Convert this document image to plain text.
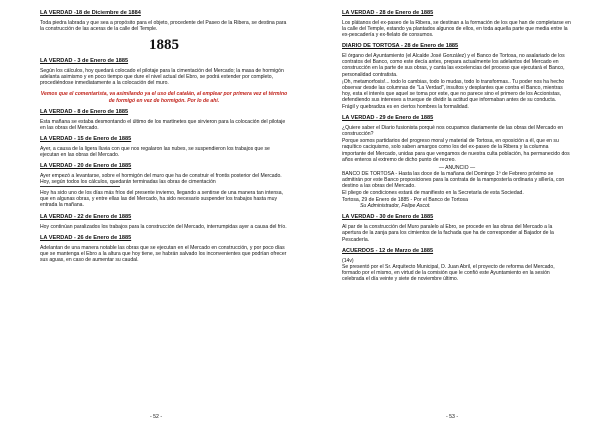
LA VERDAD -18 de Diciembre de 1884
Toda piedra labrada y que sea a propósito para el objeto, procedente del Paseo de la Ribera, se destina para la construcción de las aceras de la calle del Temple.
1885
LA VERDAD - 3 de Enero de 1885
Según los cálculos, hoy quedará colocado el pilotaje para la cimentación del Mercado; la masa de hormigón adelanta asimismo y en poco tiempo que dure el nivel actual del Ebro, se podrá extender por completo, procediéndose inmediatamente a la colocación del muro.
Vemos que el comentarista, va asimilando ya el uso del catalán, al emplear por primera vez el término de formigó en vez de hormigón. Por lo de ahí.
LA VERDAD - 8 de Enero de 1885
Esta mañana se estaba desmontando el último de los martinetes que sirvieron para la colocación del pilotaje en las obras del Mercado.
LA VERDAD - 15 de Enero de 1885
Ayer, a causa de la ligera lluvia con que nos regalaron las nubes, se suspendieron los trabajos que se ejecutan en las obras del Mercado.
LA VERDAD - 20 de Enero de 1885
Ayer empezó a levantarse, sobre el hormigón del muro que ha de construir el frontis posterior del Mercado. Hoy, según todos los cálculos, quedarán terminadas las obras de cimentación
Hoy ha sido uno de los días más fríos del presente invierno, llegando a sentirse de una manera tan intensa, que en algunas obras, y entre ellas las del Mercado, ha sido necesario suspender los trabajos hasta muy entrada la mañana.
LA VERDAD - 22 de Enero de 1885
Hoy continúan paralizados los trabajos para la construcción del Mercado, interrumpidas ayer a causa del frío.
LA VERDAD - 26 de Enero de 1885
Adelantan de una manera notable las obras que se ejecutan en el Mercado en construcción, y por poco días que se mantenga el Ebro a la altura que hoy tiene, se habrán salvado los inconvenientes que podrían ofrecer sus aguas, en caso de aumentar su caudal.
- 52 -
LA VERDAD - 28 de Enero de 1885
Los plátanos del ex-paseo de la Ribera, se destinan a la formación de los que han de completarse en la calle del Temple, estando ya plantados algunos de ellos, en toda aquella parte que media entre la ex-pescadería y ex-fielato de consumos.
DIARIO DE TORTOSA - 28 de Enero de 1885
El órgano del Ayuntamiento (el Alcalde José González) y el Banco de Tortosa, no asalariado de los contratos del Banco, como este decía antes, prepara actualmente los adelantos del Mercado en construcción en la parte de sus obras, y canta las excelencias del proceso que ejecutará el Banco, personalidad contratista.
¡Oh, metamorfosis!... todo lo cambias, todo lo mudas, todo lo transformas.. Tu poder nos ha hecho observar desde las columnas de "La Verdad", insultos y desplantes que contra el Banco, mientras hoy, esta el interés que aquel se toma por este, que no parece sino el primero de los Accionistas, defendiendo sus intereses a trueque de dividir la actitud que informaban antes de su conducta.
Frágil y quebradiza es en ciertos hombres la formalidad.
LA VERDAD - 29 de Enero de 1885
¿Quiere saber el Diario fusionista porqué nos ocupamos diariamente de las obras del Mercado en construcción?
Porque somos partidarios del progreso moral y material de Tortosa, en oposición a él, que en su raquítico caciquismo, solo saben amargos como los del ex-paseo de la Ribera y la columna importante del Mercado, unidas para que vengamos de nuestra culta población, ha permanecido dos años enteros al extremo de dicho punto de recreo.
— ANUNCIO —
BANCO DE TORTOSA - Hasta las doce de la mañana del Domingo 1º de Febrero próximo se admitirán por este Banco proposiciones para la contrata de la mampostería ordinaria y sillería, con destino a las obras del Mercado.
El pliego de condiciones estará de manifiesto en la Secretaría de esta Sociedad.
Tortosa, 29 de Enero de 1885 - Por el Banco de Tortosa
Su Administrador, Felipe Ascot.
LA VERDAD - 30 de Enero de 1885
Al par de la construcción del Muro paralelo al Ebro, se procede en las obras del Mercado a la apertura de la zanja para los cimientos de la fachada que ha de corresponder al Bajador de la Pescadería.
ACUERDOS - 12 de Marzo de 1885
(14v)
Se presentó por el Sr. Arquitecto Municipal, D. Juan Abril, el proyecto de reforma del Mercado, formado por el mismo, en virtud de la comisión que le confió este Ayuntamiento en la sesión celebrada el día veinte y siete de noviembre último.
- 53 -
